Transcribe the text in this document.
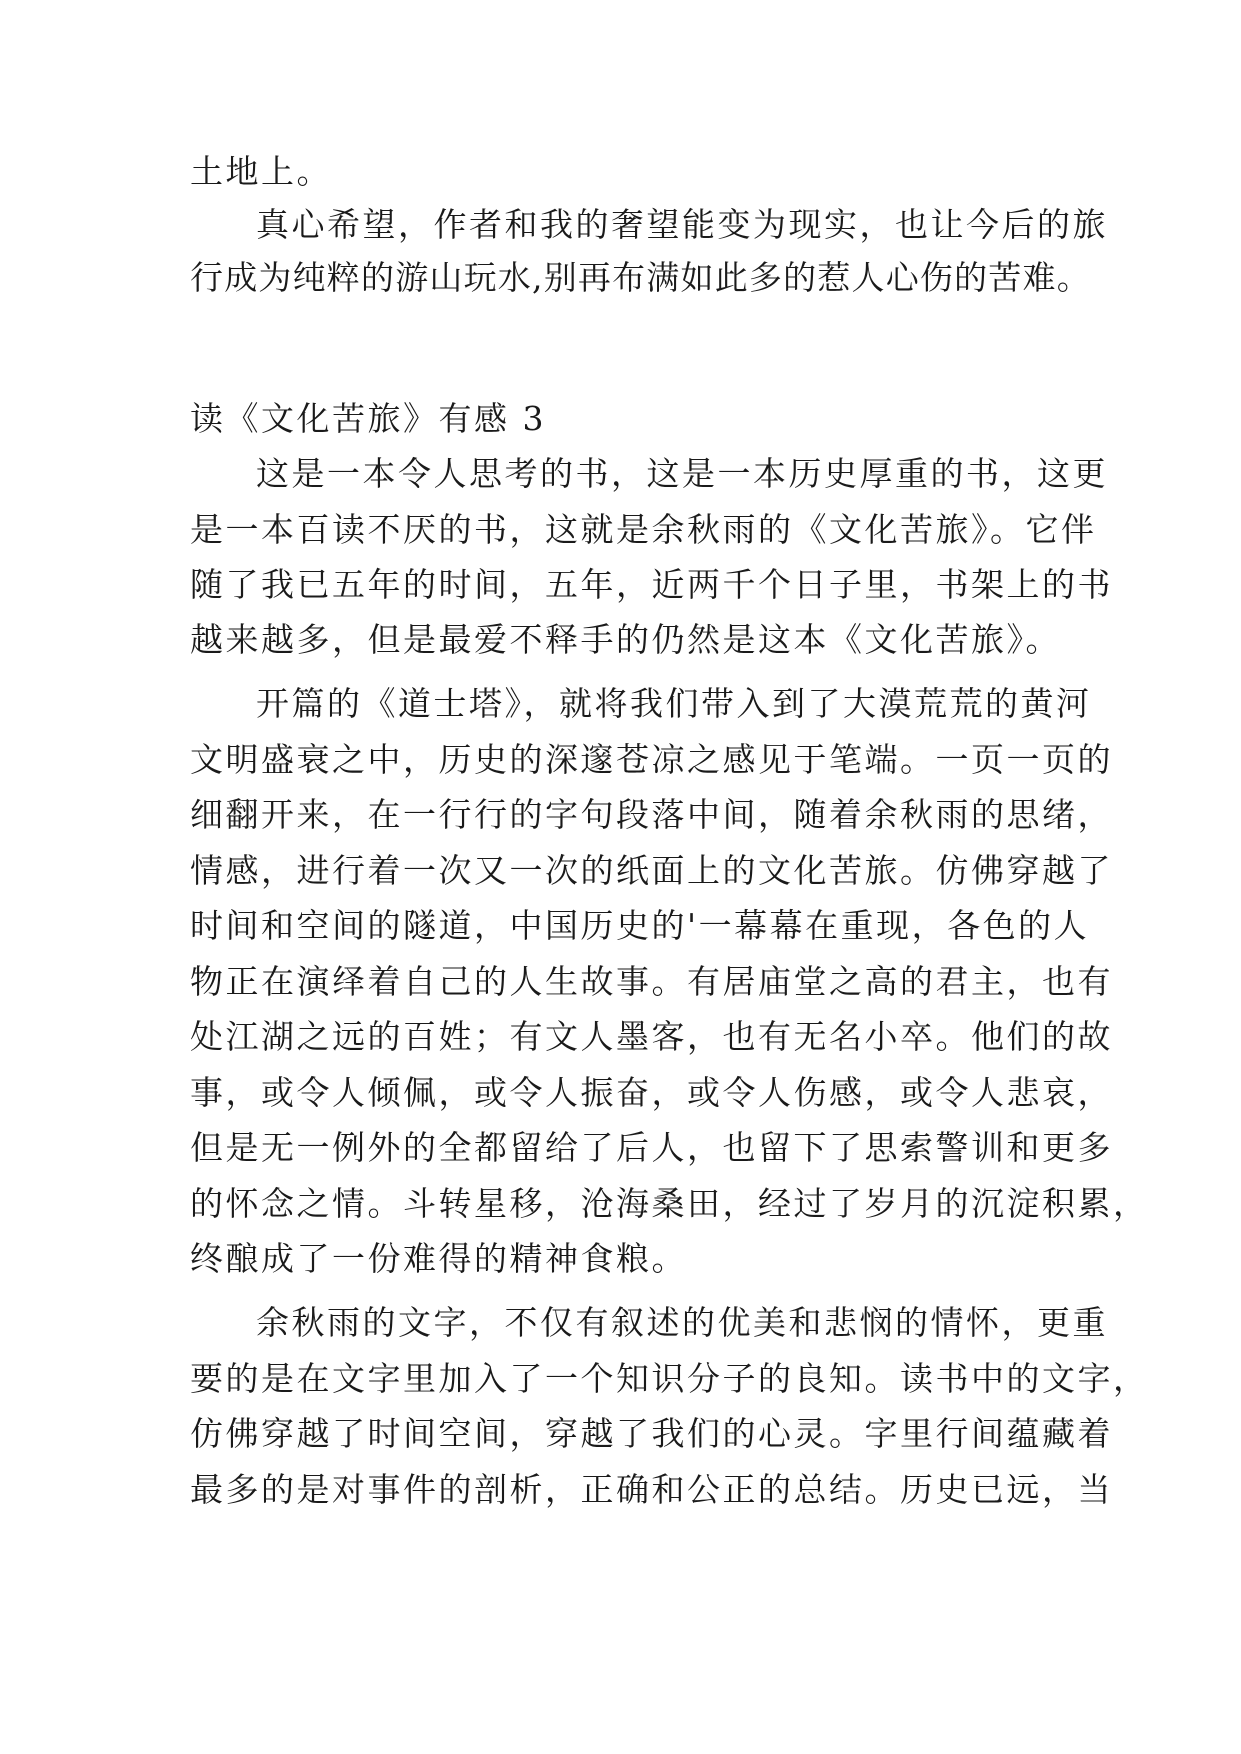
土地上。
真心希望，作者和我的奢望能变为现实，也让今后的旅
行成为纯粹的游山玩水,别再布满如此多的惹人心伤的苦难。
读《文化苦旅》有感 3
这是一本令人思考的书，这是一本历史厚重的书，这更
是一本百读不厌的书，这就是余秋雨的《文化苦旅》。它伴
随了我已五年的时间，五年，近两千个日子里，书架上的书
越来越多，但是最爱不释手的仍然是这本《文化苦旅》。
开篇的《道士塔》，就将我们带入到了大漠荒荒的黄河
文明盛衰之中，历史的深邃苍凉之感见于笔端。一页一页的
细翻开来，在一行行的字句段落中间，随着余秋雨的思绪，
情感，进行着一次又一次的纸面上的文化苦旅。仿佛穿越了
时间和空间的隧道，中国历史的'一幕幕在重现，各色的人
物正在演绎着自己的人生故事。有居庙堂之高的君主，也有
处江湖之远的百姓；有文人墨客，也有无名小卒。他们的故
事，或令人倾佩，或令人振奋，或令人伤感，或令人悲哀，
但是无一例外的全都留给了后人，也留下了思索警训和更多
的怀念之情。斗转星移，沧海桑田，经过了岁月的沉淀积累，
终酿成了一份难得的精神食粮。
余秋雨的文字，不仅有叙述的优美和悲悯的情怀，更重
要的是在文字里加入了一个知识分子的良知。读书中的文字，
仿佛穿越了时间空间，穿越了我们的心灵。字里行间蕴藏着
最多的是对事件的剖析，正确和公正的总结。历史已远，当
